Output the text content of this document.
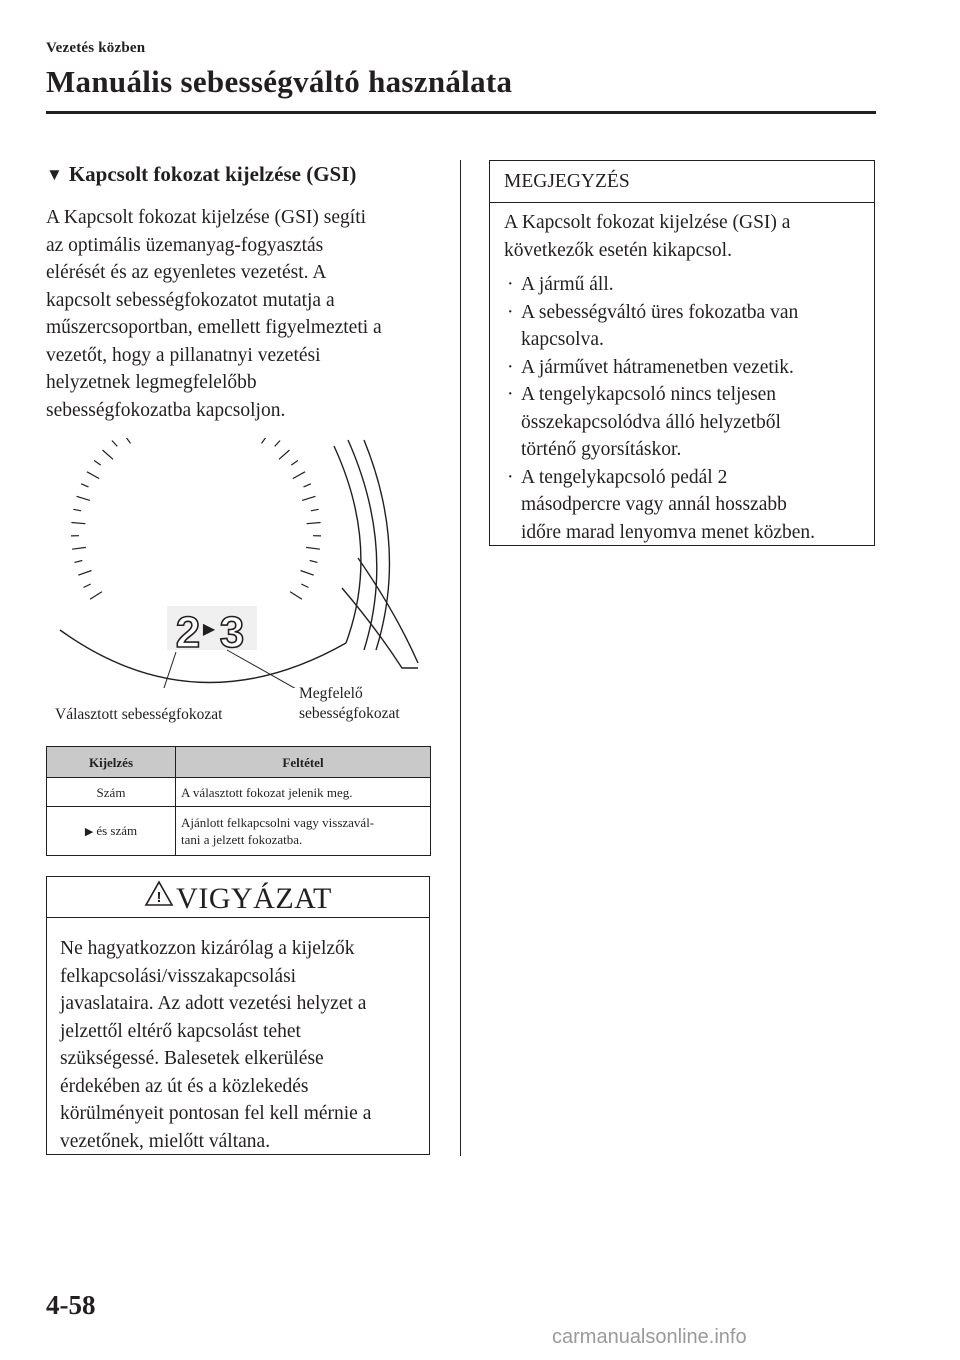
Vezetés közben
Manuális sebességváltó használata
▼ Kapcsolt fokozat kijelzése (GSI)
A Kapcsolt fokozat kijelzése (GSI) segíti
az optimális üzemanyag-fogyasztás
elérését és az egyenletes vezetést. A
kapcsolt sebességfokozatot mutatja a
műszercsoportban, emellett figyelmezteti a
vezetőt, hogy a pillanatnyi vezetési
helyzetnek legmegfelelőbb
sebességfokozatba kapcsoljon.
2 ▶ 3
Választott sebességfokozat
Megfelelő
sebességfokozat
Kijelzés	Feltétel
Szám	A választott fokozat jelenik meg.
▶ és szám	Ajánlott felkapcsolni vagy visszavál-
tani a jelzett fokozatba.
! VIGYÁZAT
Ne hagyatkozzon kizárólag a kijelzők
felkapcsolási/visszakapcsolási
javaslataira. Az adott vezetési helyzet a
jelzettől eltérő kapcsolást tehet
szükségessé. Balesetek elkerülése
érdekében az út és a közlekedés
körülményeit pontosan fel kell mérnie a
vezetőnek, mielőtt váltana.
MEGJEGYZÉS
A Kapcsolt fokozat kijelzése (GSI) a
következők esetén kikapcsol.
· A jármű áll.
· A sebességváltó üres fokozatba van
kapcsolva.
· A járművet hátramenetben vezetik.
· A tengelykapcsoló nincs teljesen
összekapcsolódva álló helyzetből
történő gyorsításkor.
· A tengelykapcsoló pedál 2
másodpercre vagy annál hosszabb
időre marad lenyomva menet közben.
4-58
carmanualsonline.info
